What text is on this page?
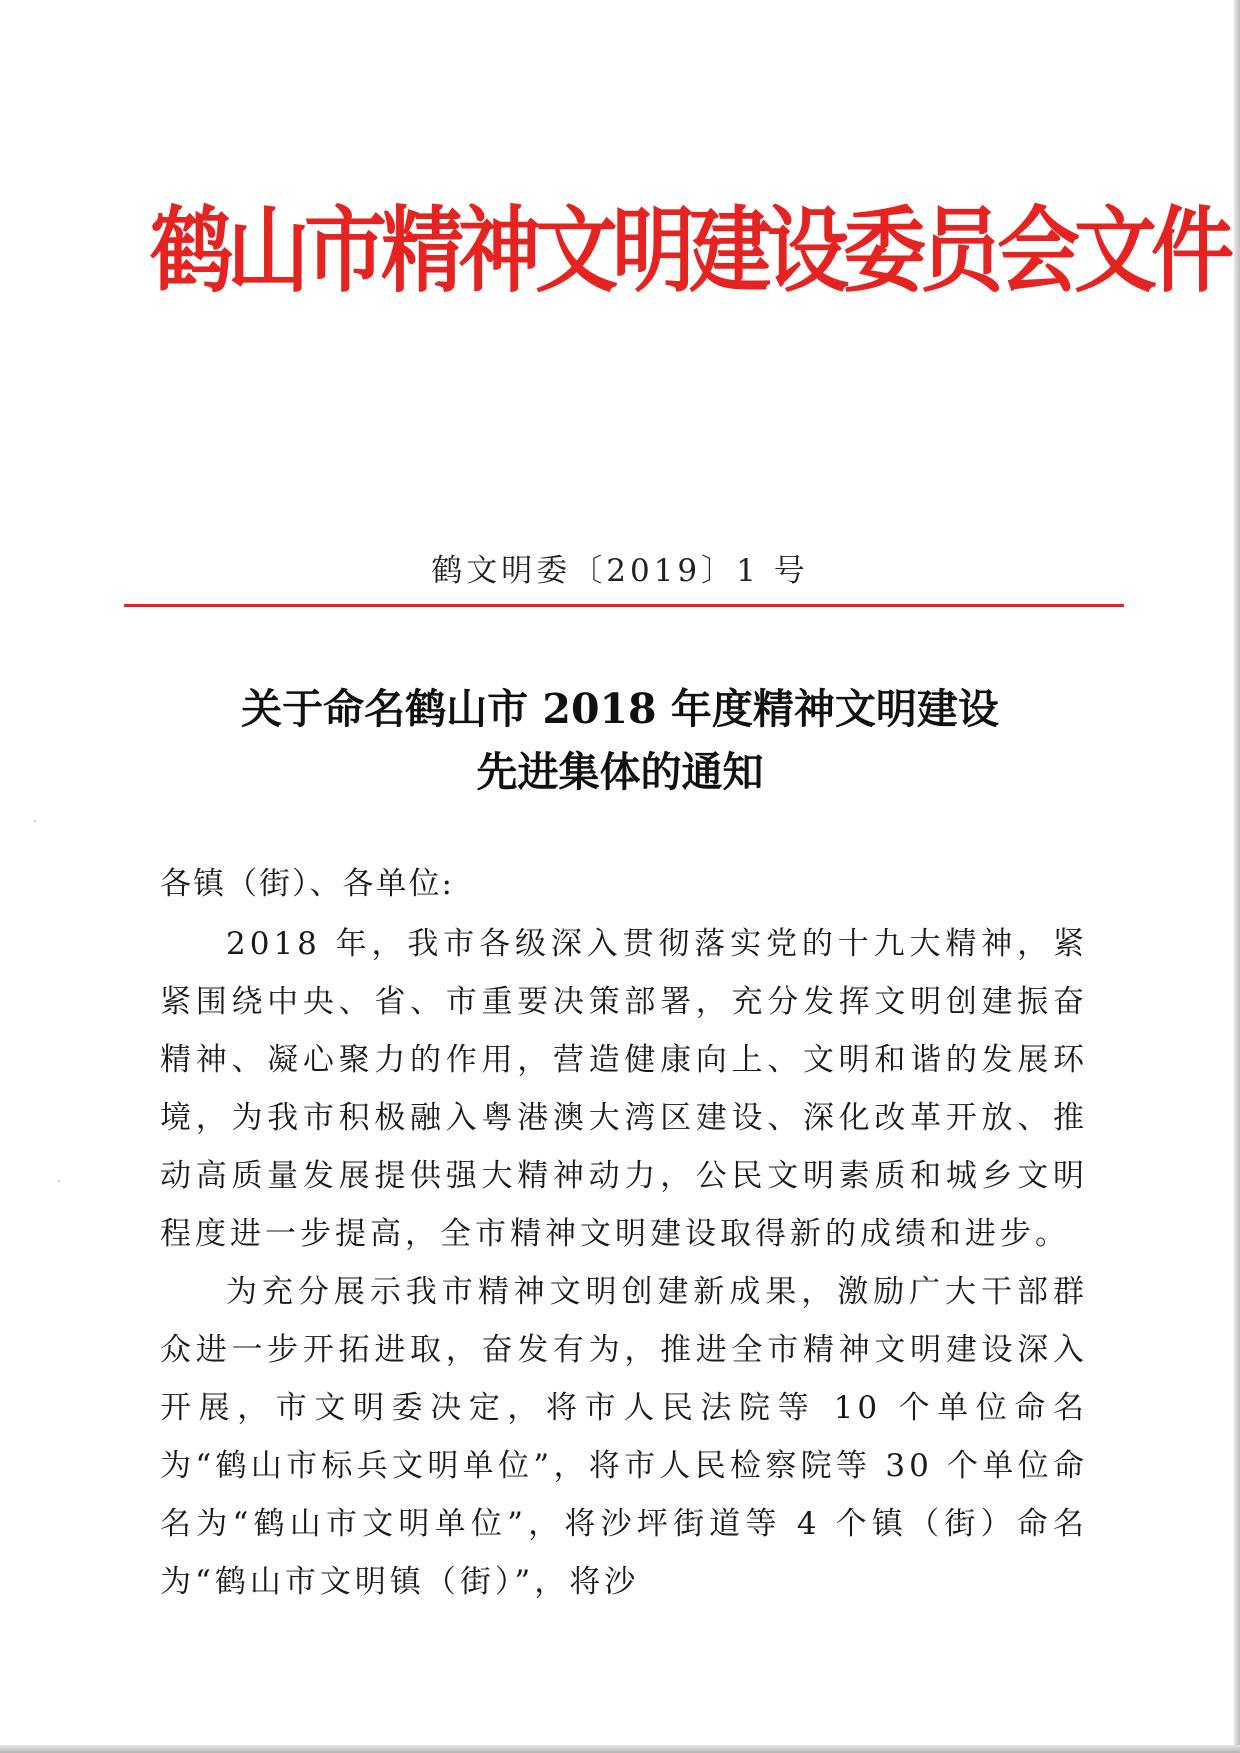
鹤山市精神文明建设委员会文件
鹤文明委〔2019〕1 号
关于命名鹤山市 2018 年度精神文明建设
先进集体的通知
各镇（街）、各单位:

2018 年，我市各级深入贯彻落实党的十九大精神，紧紧围绕中央、省、市重要决策部署，充分发挥文明创建振奋精神、凝心聚力的作用，营造健康向上、文明和谐的发展环境，为我市积极融入粤港澳大湾区建设、深化改革开放、推动高质量发展提供强大精神动力，公民文明素质和城乡文明程度进一步提高，全市精神文明建设取得新的成绩和进步。

为充分展示我市精神文明创建新成果，激励广大干部群众进一步开拓进取，奋发有为，推进全市精神文明建设深入开展，市文明委决定，将市人民法院等 10 个单位命名为“鹤山市标兵文明单位”，将市人民检察院等 30 个单位命名为“鹤山市文明单位”，将沙坪街道等 4 个镇（街）命名为“鹤山市文明镇（街）”，将沙
